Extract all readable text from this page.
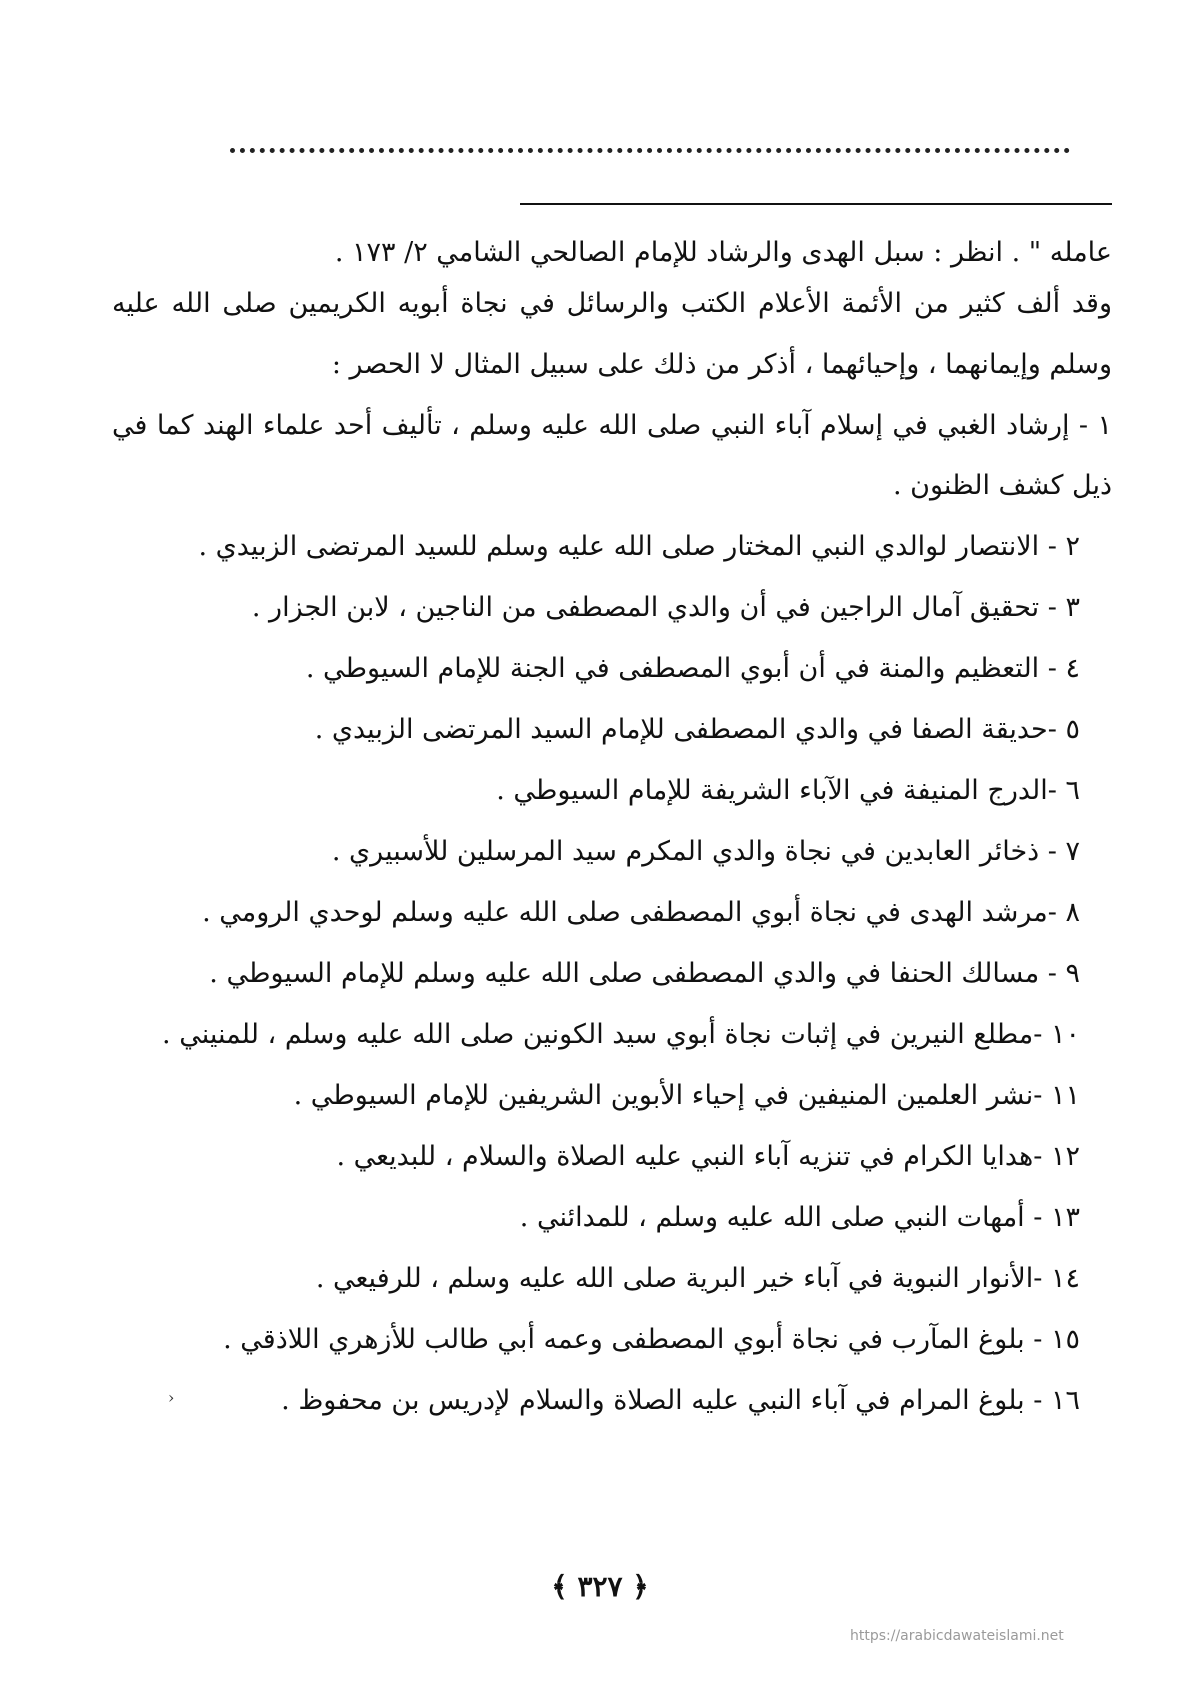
عامله " . انظر : سبل الهدى والرشاد للإمام الصالحي الشامي ٢/ ١٧٣ .
وقد ألف كثير من الأئمة الأعلام الكتب والرسائل في نجاة أبويه الكريمين صلى الله عليه
وسلم وإيمانهما ، وإحيائهما ، أذكر من ذلك على سبيل المثال لا الحصر :
١ - إرشاد الغبي في إسلام آباء النبي صلى الله عليه وسلم ، تأليف أحد علماء الهند كما في
ذيل كشف الظنون .
٢ - الانتصار لوالدي النبي المختار صلى الله عليه وسلم للسيد المرتضى الزبيدي .
٣ - تحقيق آمال الراجين في أن والدي المصطفى من الناجين ، لابن الجزار .
٤ - التعظيم والمنة في أن أبوي المصطفى في الجنة للإمام السيوطي .
٥ -حديقة الصفا في والدي المصطفى للإمام السيد المرتضى الزبيدي .
٦ -الدرج المنيفة في الآباء الشريفة للإمام السيوطي .
٧ - ذخائر العابدين في نجاة والدي المكرم سيد المرسلين للأسبيري .
٨ -مرشد الهدى في نجاة أبوي المصطفى صلى الله عليه وسلم لوحدي الرومي .
٩ - مسالك الحنفا في والدي المصطفى صلى الله عليه وسلم للإمام السيوطي .
١٠ -مطلع النيرين في إثبات نجاة أبوي سيد الكونين صلى الله عليه وسلم ، للمنيني .
١١ -نشر العلمين المنيفين في إحياء الأبوين الشريفين للإمام السيوطي .
١٢ -هدايا الكرام في تنزيه آباء النبي عليه الصلاة والسلام ، للبديعي .
١٣ - أمهات النبي صلى الله عليه وسلم ، للمدائني .
١٤ -الأنوار النبوية في آباء خير البرية صلى الله عليه وسلم ، للرفيعي .
١٥ - بلوغ المآرب في نجاة أبوي المصطفى وعمه أبي طالب للأزهري اللاذقي .
١٦ - بلوغ المرام في آباء النبي عليه الصلاة والسلام لإدريس بن محفوظ .
›
﴿ ٣٢٧ ﴾
https://arabicdawateislami.net
